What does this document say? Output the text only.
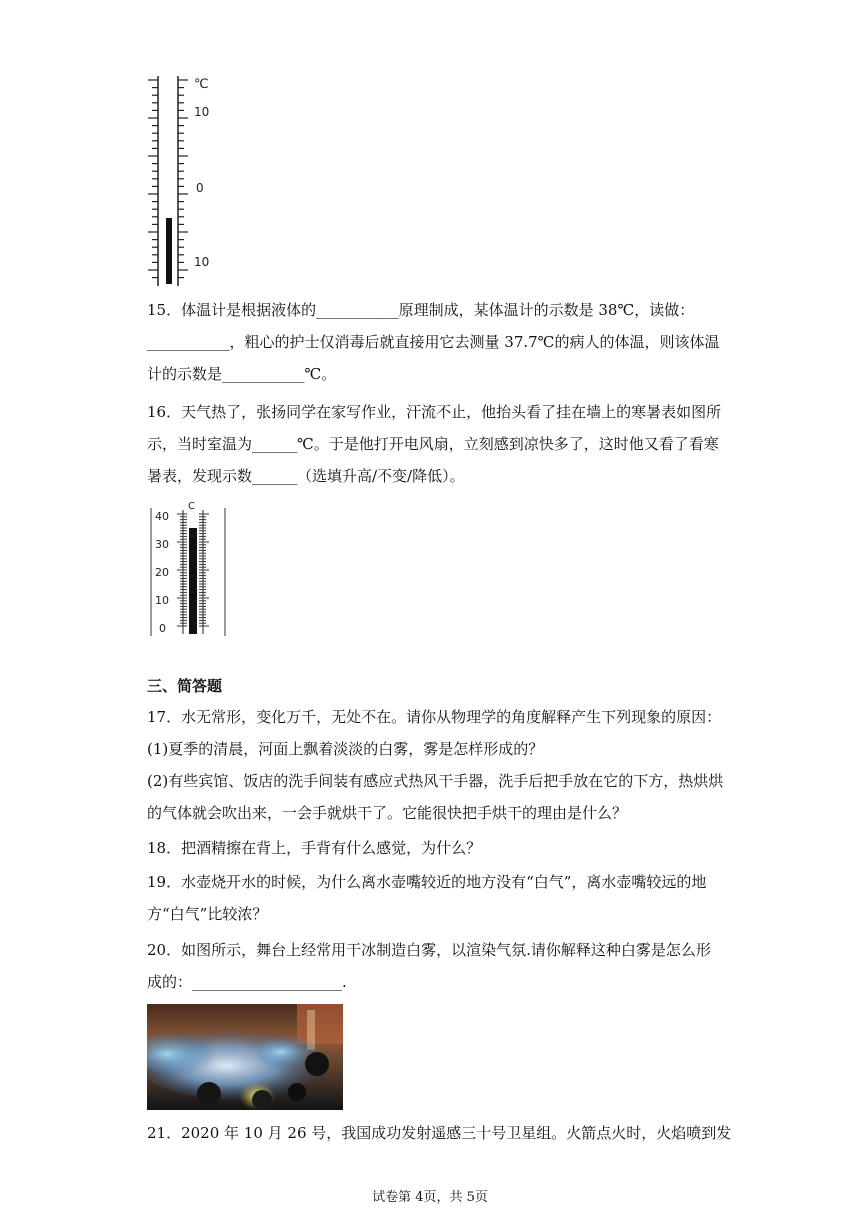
℃
10
0
10
15．体温计是根据液体的___________原理制成，某体温计的示数是 38℃，读做：
___________，粗心的护士仅消毒后就直接用它去测量 37.7℃的病人的体温，则该体温
计的示数是___________℃。
16．天气热了，张扬同学在家写作业，汗流不止，他抬头看了挂在墙上的寒暑表如图所
示，当时室温为______℃。于是他打开电风扇，立刻感到凉快多了，这时他又看了看寒
暑表，发现示数______（选填升高/不变/降低）。
C
40
30
20
10
0
三、简答题
17．水无常形，变化万千，无处不在。请你从物理学的角度解释产生下列现象的原因：
(1)夏季的清晨，河面上飘着淡淡的白雾，雾是怎样形成的？
(2)有些宾馆、饭店的洗手间装有感应式热风干手器，洗手后把手放在它的下方，热烘烘
的气体就会吹出来，一会手就烘干了。它能很快把手烘干的理由是什么？
18．把酒精擦在背上，手背有什么感觉，为什么？
19．水壶烧开水的时候，为什么离水壶嘴较近的地方没有“白气”，离水壶嘴较远的地
方“白气”比较浓？
20．如图所示，舞台上经常用干冰制造白雾，以渲染气氛.请你解释这种白雾是怎么形
成的：____________________.
21．2020 年 10 月 26 号，我国成功发射遥感三十号卫星组。火箭点火时，火焰喷到发
试卷第 4页，共 5页
